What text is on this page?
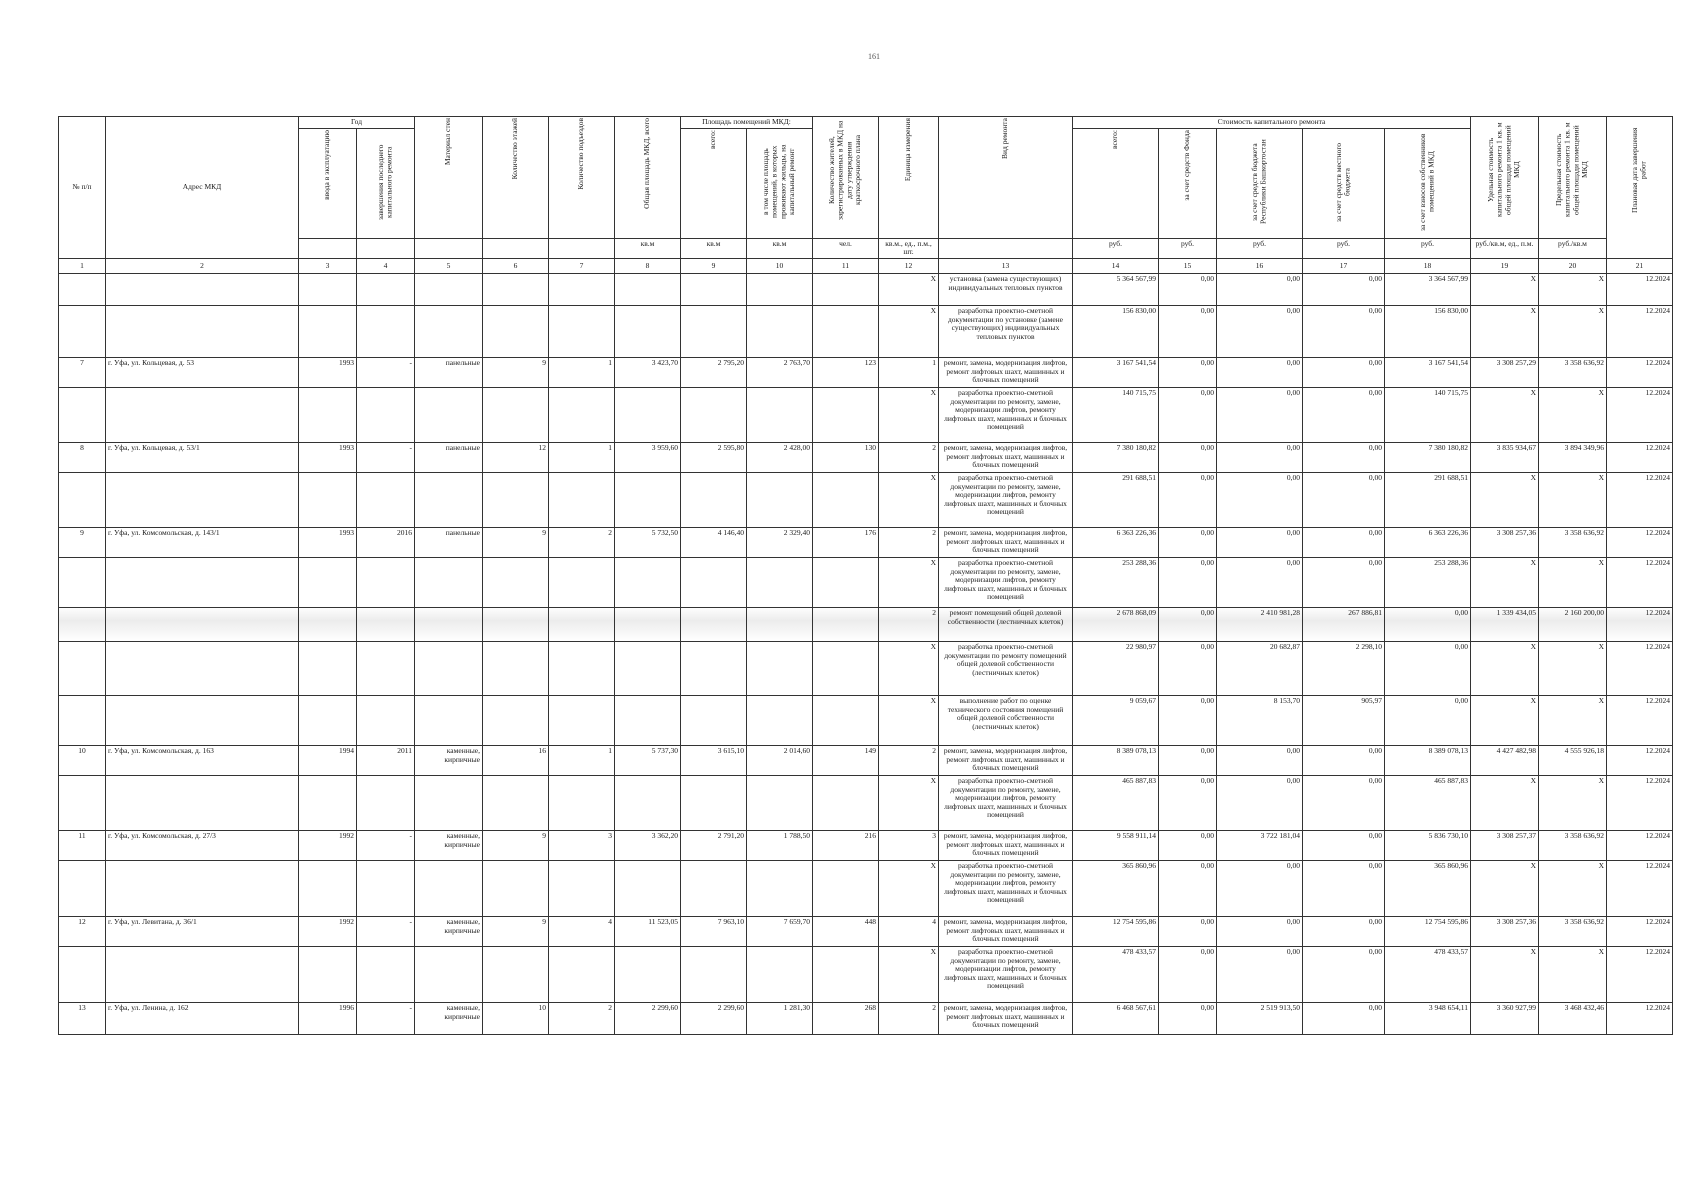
161
№ п/п	Адрес МКД	Год		Материал стен	Количество этажей	Количество подъездов	Общая площадь МКД, всего	Площадь помещений МКД:		Количество жителей, зарегистрированных в МКД на дату утверждения краткосрочного плана	Единица измерения	Вид ремонта	Стоимость капитального ремонта					Удельная стоимость капитального ремонта 1 кв. м общей площади помещений МКД	Предельная стоимость капитального ремонта 1 кв. м общей площади помещений МКД	Плановая дата завершения работ
		ввода в эксплуатацию	завершения последнего капитального ремонта					всего:	в том числе площадь помещений, в которых проживают жильцы, на капитальный ремонт				всего:	за счет средств Фонда	за счет средств бюджета Республики Башкортостан	за счет средств местного бюджета	за счет взносов собственников помещений в МКД			
							кв.м	кв.м	кв.м	чел.	кв.м., ед., п.м., шт.		руб.	руб.	руб.	руб.	руб.	руб./кв.м, ед., п.м.	руб./кв.м	
1	2	3	4	5	6	7	8	9	10	11	12	13	14	15	16	17	18	19	20	21
											X	установка (замена существующих) индивидуальных тепловых пунктов	5 364 567,99	0,00	0,00	0,00	3 364 567,99	X	X	12.2024
											X	разработка проектно-сметной документации по установке (замене существующих) индивидуальных тепловых пунктов	156 830,00	0,00	0,00	0,00	156 830,00	X	X	12.2024
7	г. Уфа, ул. Кольцевая, д. 53	1993	-	панельные	9	1	3 423,70	2 795,20	2 763,70	123	1	ремонт, замена, модернизация лифтов, ремонт лифтовых шахт, машинных и блочных помещений	3 167 541,54	0,00	0,00	0,00	3 167 541,54	3 308 257,29	3 358 636,92	12.2024
											X	разработка проектно-сметной документации по ремонту, замене, модернизации лифтов, ремонту лифтовых шахт, машинных и блочных помещений	140 715,75	0,00	0,00	0,00	140 715,75	X	X	12.2024
8	г. Уфа, ул. Кольцевая, д. 53/1	1993	-	панельные	12	1	3 959,60	2 595,80	2 428,00	130	2	ремонт, замена, модернизация лифтов, ремонт лифтовых шахт, машинных и блочных помещений	7 380 180,82	0,00	0,00	0,00	7 380 180,82	3 835 934,67	3 894 349,96	12.2024
											X	разработка проектно-сметной документации по ремонту, замене, модернизации лифтов, ремонту лифтовых шахт, машинных и блочных помещений	291 688,51	0,00	0,00	0,00	291 688,51	X	X	12.2024
9	г. Уфа, ул. Комсомольская, д. 143/1	1993	2016	панельные	9	2	5 732,50	4 146,40	2 329,40	176	2	ремонт, замена, модернизация лифтов, ремонт лифтовых шахт, машинных и блочных помещений	6 363 226,36	0,00	0,00	0,00	6 363 226,36	3 308 257,36	3 358 636,92	12.2024
											X	разработка проектно-сметной документации по ремонту, замене, модернизации лифтов, ремонту лифтовых шахт, машинных и блочных помещений	253 288,36	0,00	0,00	0,00	253 288,36	X	X	12.2024
											2	ремонт помещений общей долевой собственности (лестничных клеток)	2 678 868,09	0,00	2 410 981,28	267 886,81	0,00	1 339 434,05	2 160 200,00	12.2024
											X	разработка проектно-сметной документации по ремонту помещений общей долевой собственности (лестничных клеток)	22 980,97	0,00	20 682,87	2 298,10	0,00	X	X	12.2024
											X	выполнение работ по оценке технического состояния помещений общей долевой собственности (лестничных клеток)	9 059,67	0,00	8 153,70	905,97	0,00	X	X	12.2024
10	г. Уфа, ул. Комсомольская, д. 163	1994	2011	каменные, кирпичные	16	1	5 737,30	3 615,10	2 014,60	149	2	ремонт, замена, модернизация лифтов, ремонт лифтовых шахт, машинных и блочных помещений	8 389 078,13	0,00	0,00	0,00	8 389 078,13	4 427 482,98	4 555 926,18	12.2024
											X	разработка проектно-сметной документации по ремонту, замене, модернизации лифтов, ремонту лифтовых шахт, машинных и блочных помещений	465 887,83	0,00	0,00	0,00	465 887,83	X	X	12.2024
11	г. Уфа, ул. Комсомольская, д. 27/3	1992	-	каменные, кирпичные	9	3	3 362,20	2 791,20	1 788,50	216	3	ремонт, замена, модернизация лифтов, ремонт лифтовых шахт, машинных и блочных помещений	9 558 911,14	0,00	3 722 181,04	0,00	5 836 730,10	3 308 257,37	3 358 636,92	12.2024
											X	разработка проектно-сметной документации по ремонту, замене, модернизации лифтов, ремонту лифтовых шахт, машинных и блочных помещений	365 860,96	0,00	0,00	0,00	365 860,96	X	X	12.2024
12	г. Уфа, ул. Левитана, д. 36/1	1992	-	каменные, кирпичные	9	4	11 523,05	7 963,10	7 659,70	448	4	ремонт, замена, модернизация лифтов, ремонт лифтовых шахт, машинных и блочных помещений	12 754 595,86	0,00	0,00	0,00	12 754 595,86	3 308 257,36	3 358 636,92	12.2024
											X	разработка проектно-сметной документации по ремонту, замене, модернизации лифтов, ремонту лифтовых шахт, машинных и блочных помещений	478 433,57	0,00	0,00	0,00	478 433,57	X	X	12.2024
13	г. Уфа, ул. Ленина, д. 162	1996	-	каменные, кирпичные	10	2	2 299,60	2 299,60	1 281,30	268	2	ремонт, замена, модернизация лифтов, ремонт лифтовых шахт, машинных и блочных помещений	6 468 567,61	0,00	2 519 913,50	0,00	3 948 654,11	3 360 927,99	3 468 432,46	12.2024
